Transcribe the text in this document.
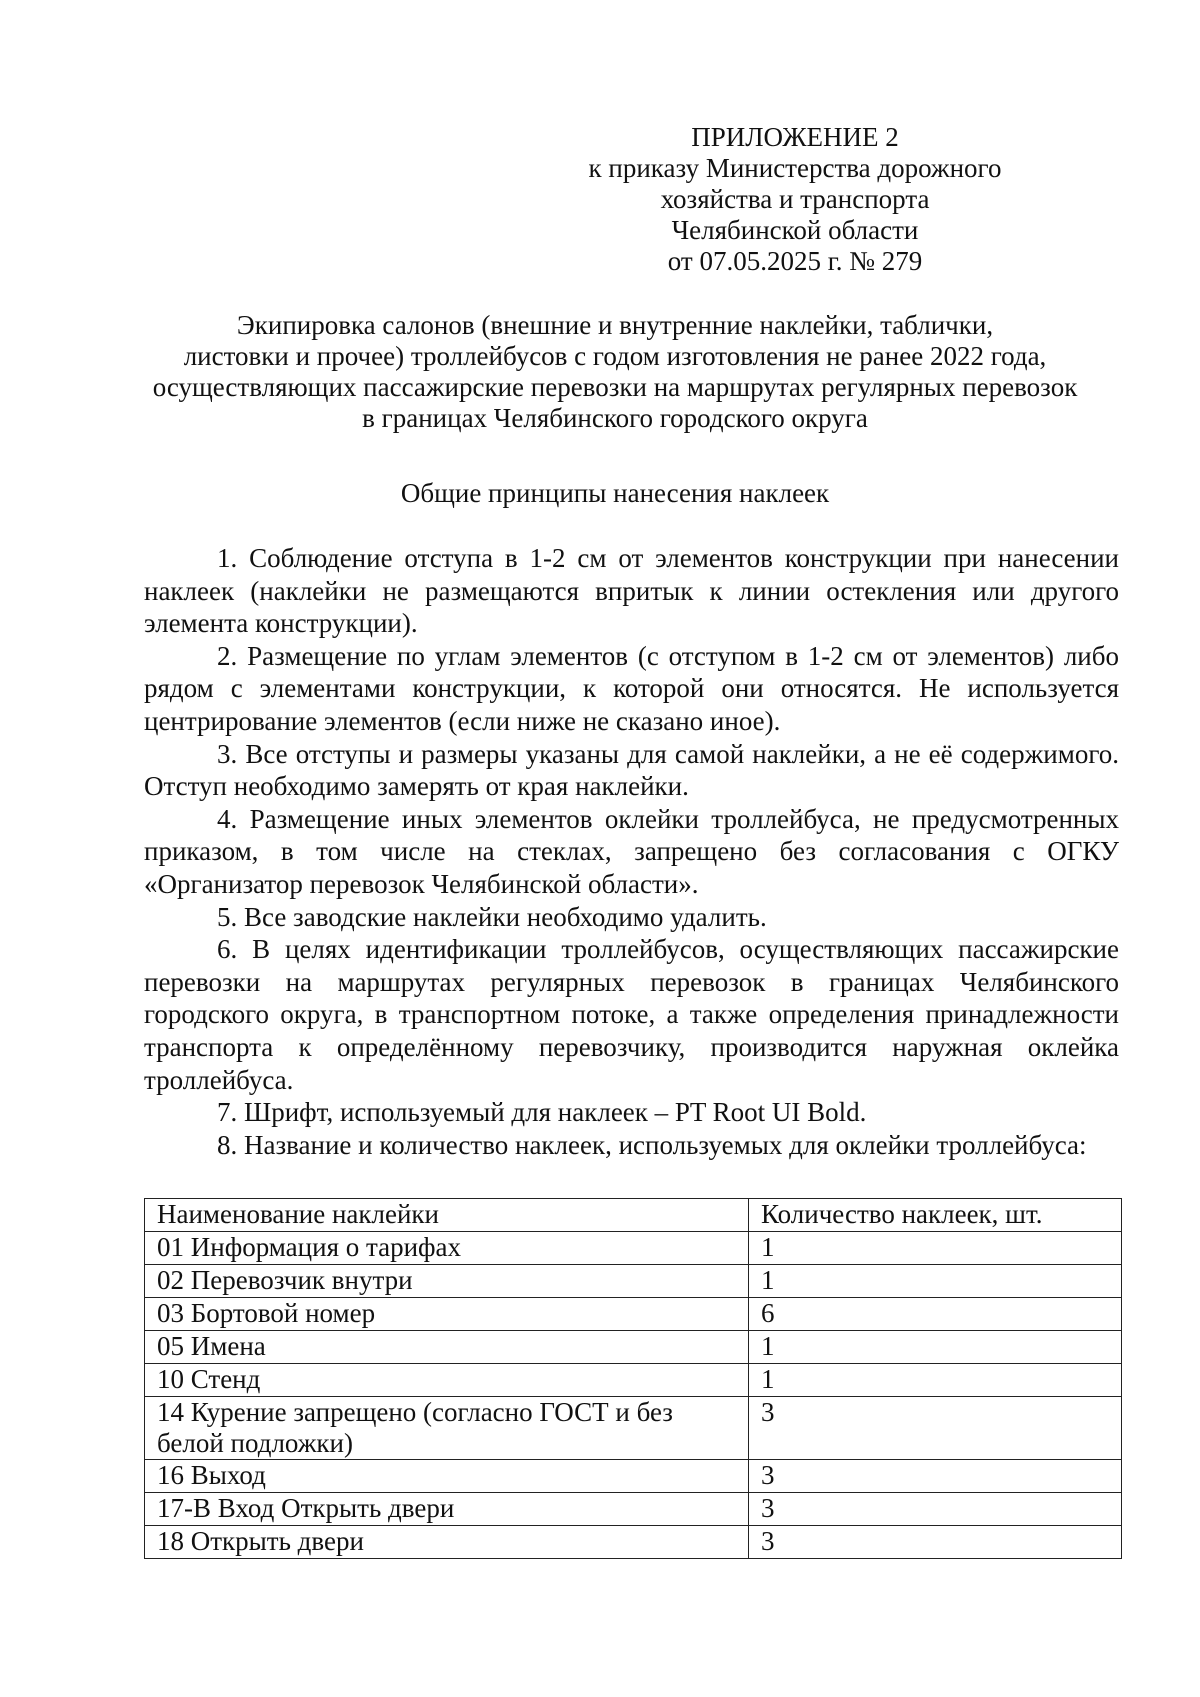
ПРИЛОЖЕНИЕ 2
к приказу Министерства дорожного
хозяйства и транспорта
Челябинской области
от 07.05.2025 г. № 279
Экипировка салонов (внешние и внутренние наклейки, таблички,
листовки и прочее) троллейбусов с годом изготовления не ранее 2022 года,
осуществляющих пассажирские перевозки на маршрутах регулярных перевозок
в границах Челябинского городского округа
Общие принципы нанесения наклеек

1. Соблюдение отступа в 1-2 см от элементов конструкции при нанесении наклеек (наклейки не размещаются впритык к линии остекления или другого элемента конструкции).

2. Размещение по углам элементов (с отступом в 1-2 см от элементов) либо рядом с элементами конструкции, к которой они относятся. Не используется центрирование элементов (если ниже не сказано иное).

3. Все отступы и размеры указаны для самой наклейки, а не её содержимого. Отступ необходимо замерять от края наклейки.

4. Размещение иных элементов оклейки троллейбуса, не предусмотренных приказом, в том числе на стеклах, запрещено без согласования с ОГКУ «Организатор перевозок Челябинской области».

5. Все заводские наклейки необходимо удалить.

6. В целях идентификации троллейбусов, осуществляющих пассажирские перевозки на маршрутах регулярных перевозок в границах Челябинского городского округа, в транспортном потоке, а также определения принадлежности транспорта к определённому перевозчику, производится наружная оклейка троллейбуса.

7. Шрифт, используемый для наклеек – PT Root UI Bold.

8. Название и количество наклеек, используемых для оклейки троллейбуса:

Наименование наклейки	Количество наклеек, шт.
01 Информация о тарифах	1
02 Перевозчик внутри	1
03 Бортовой номер	6
05 Имена	1
10 Стенд	1
14 Курение запрещено (согласно ГОСТ и без белой подложки)	3
16 Выход	3
17-В Вход Открыть двери	3
18 Открыть двери	3
